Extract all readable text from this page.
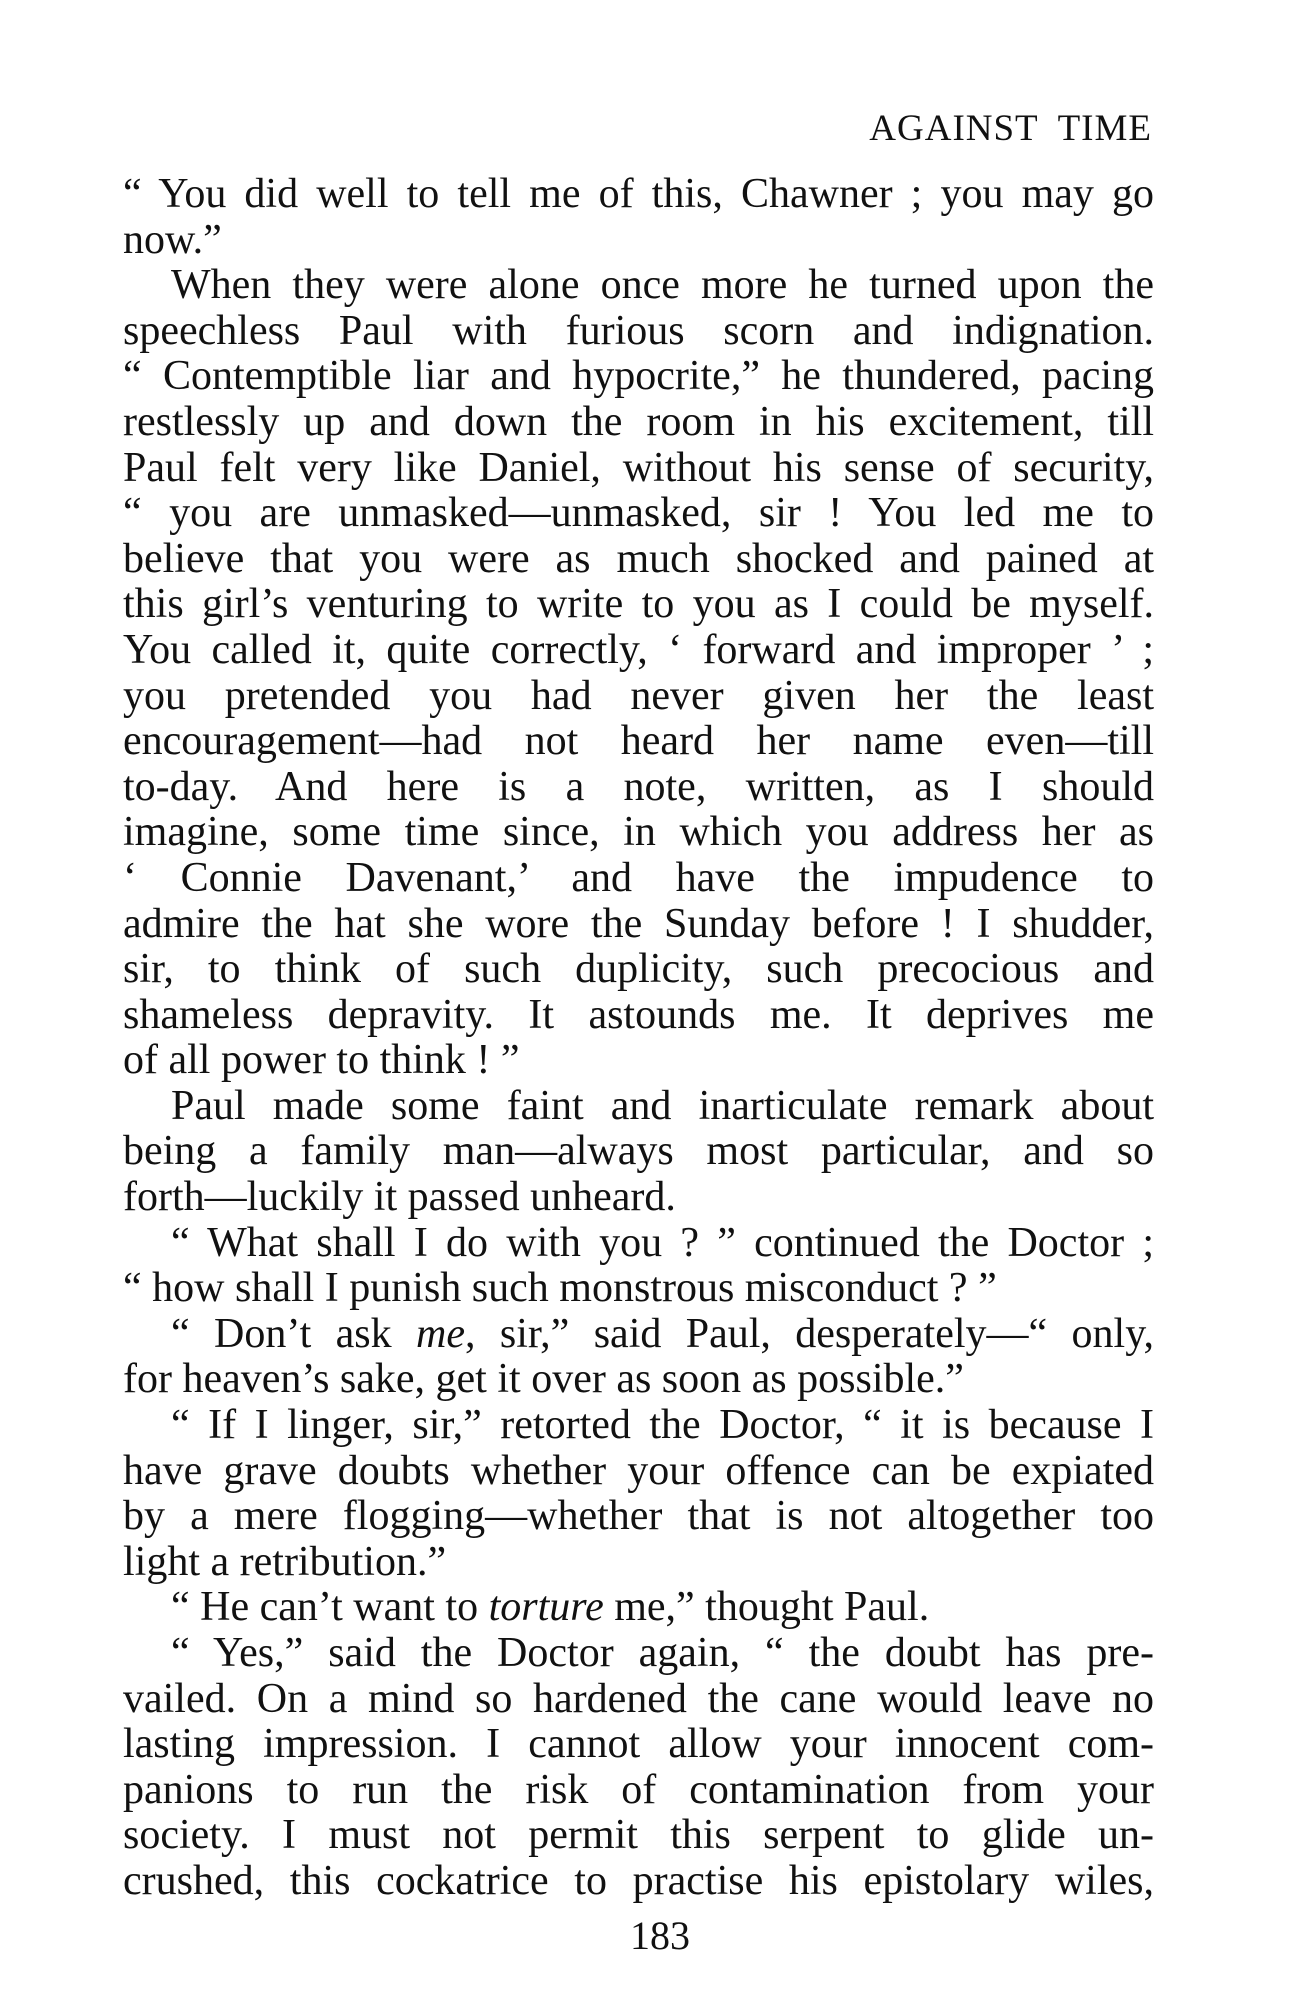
AGAINST TIME
“ You did well to tell me of this, Chawner ; you may go
now.”
When they were alone once more he turned upon the
speechless Paul with furious scorn and indignation.
“ Contemptible liar and hypocrite,” he thundered, pacing
restlessly up and down the room in his excitement, till
Paul felt very like Daniel, without his sense of security,
“ you are unmasked—unmasked, sir ! You led me to
believe that you were as much shocked and pained at
this girl’s venturing to write to you as I could be myself.
You called it, quite correctly, ‘ forward and improper ’ ;
you pretended you had never given her the least
encouragement—had not heard her name even—till
to-day. And here is a note, written, as I should
imagine, some time since, in which you address her as
‘ Connie Davenant,’ and have the impudence to
admire the hat she wore the Sunday before ! I shudder,
sir, to think of such duplicity, such precocious and
shameless depravity. It astounds me. It deprives me
of all power to think ! ”
Paul made some faint and inarticulate remark about
being a family man—always most particular, and so
forth—luckily it passed unheard.
“ What shall I do with you ? ” continued the Doctor ;
“ how shall I punish such monstrous misconduct ? ”
“ Don’t ask me, sir,” said Paul, desperately—“ only,
for heaven’s sake, get it over as soon as possible.”
“ If I linger, sir,” retorted the Doctor, “ it is because I
have grave doubts whether your offence can be expiated
by a mere flogging—whether that is not altogether too
light a retribution.”
“ He can’t want to torture me,” thought Paul.
“ Yes,” said the Doctor again, “ the doubt has pre-
vailed. On a mind so hardened the cane would leave no
lasting impression. I cannot allow your innocent com-
panions to run the risk of contamination from your
society. I must not permit this serpent to glide un-
crushed, this cockatrice to practise his epistolary wiles,
183
